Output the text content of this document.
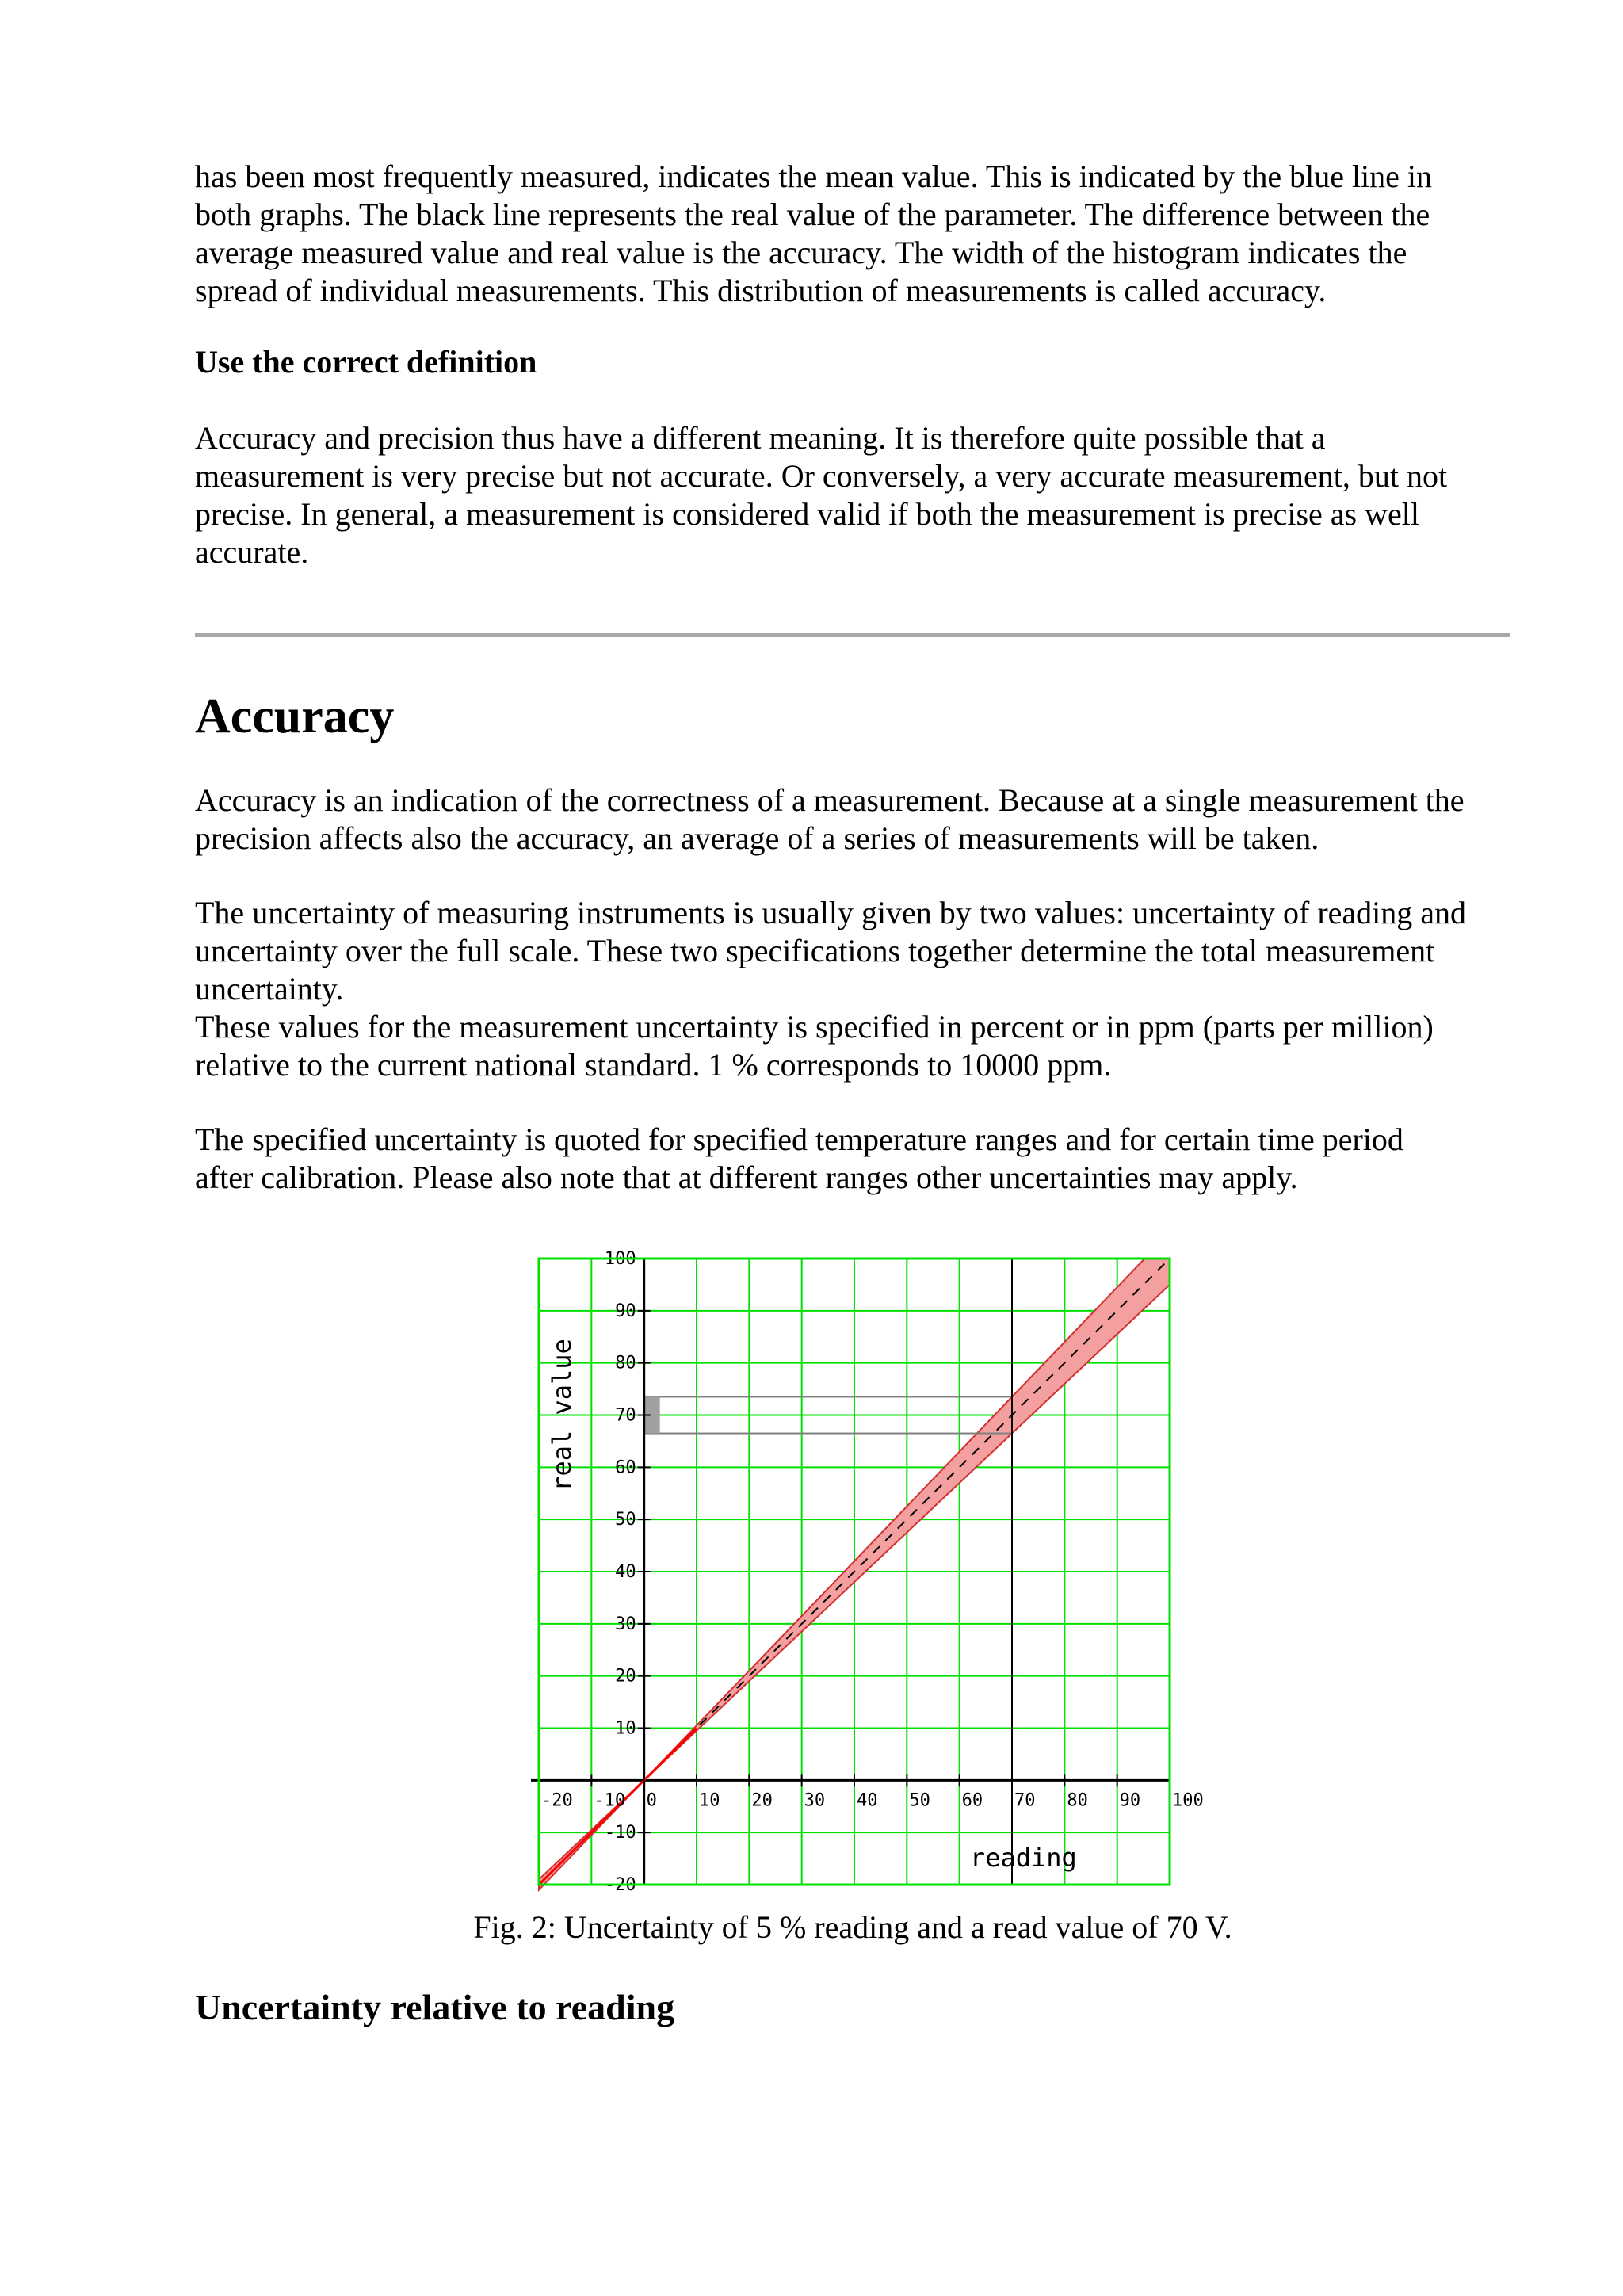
has been most frequently measured, indicates the mean value. This is indicated by the blue line in
both graphs. The black line represents the real value of the parameter. The difference between the
average measured value and real value is the accuracy. The width of the histogram indicates the
spread of individual measurements. This distribution of measurements is called accuracy.

Use the correct definition

Accuracy and precision thus have a different meaning. It is therefore quite possible that a
measurement is very precise but not accurate. Or conversely, a very accurate measurement, but not
precise. In general, a measurement is considered valid if both the measurement is precise as well
accurate.

Accuracy

Accuracy is an indication of the correctness of a measurement. Because at a single measurement the
precision affects also the accuracy, an average of a series of measurements will be taken.

The uncertainty of measuring instruments is usually given by two values: uncertainty of reading and
uncertainty over the full scale. These two specifications together determine the total measurement
uncertainty.
These values for the measurement uncertainty is specified in percent or in ppm (parts per million)
relative to the current national standard. 1 % corresponds to 10000 ppm.

The specified uncertainty is quoted for specified temperature ranges and for certain time period
after calibration. Please also note that at different ranges other uncertainties may apply.

-20 -10 0 10 20 30 40 50 60 70 80 90 100
-20
-10
10
20
30
40
50
60
70
80
90
100
reading
real value

Fig. 2: Uncertainty of 5 % reading and a read value of 70 V.

Uncertainty relative to reading
